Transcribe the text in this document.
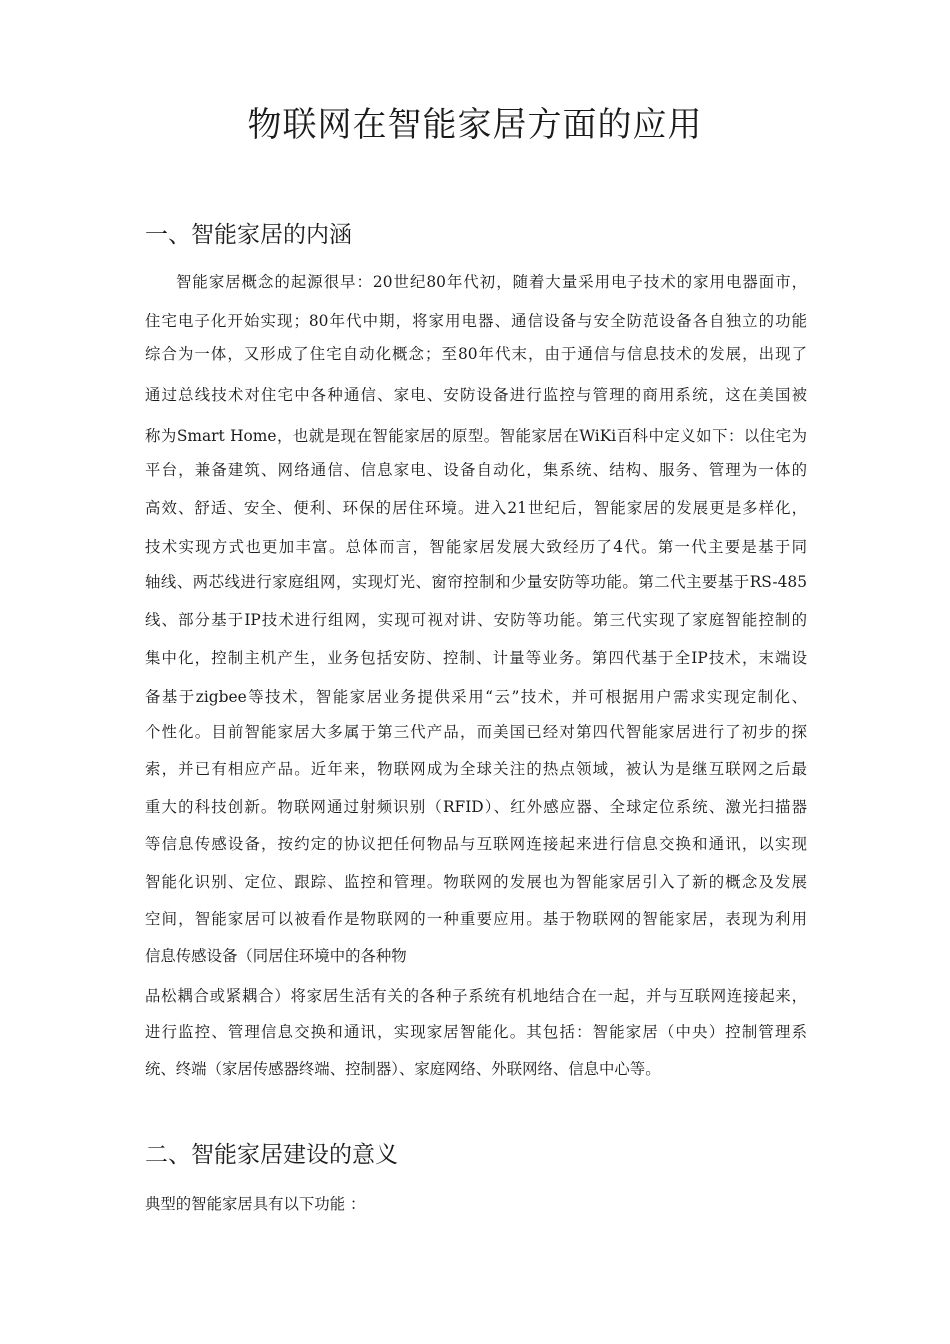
物联网在智能家居方面的应用
一、智能家居的内涵
智能家居概念的起源很早：20世纪80年代初，随着大量采用电子技术的家用电器面市，
住宅电子化开始实现；80年代中期，将家用电器、通信设备与安全防范设备各自独立的功能
综合为一体，又形成了住宅自动化概念；至80年代末，由于通信与信息技术的发展，出现了
通过总线技术对住宅中各种通信、家电、安防设备进行监控与管理的商用系统，这在美国被
称为Smart Home，也就是现在智能家居的原型。智能家居在WiKi百科中定义如下：以住宅为
平台，兼备建筑、网络通信、信息家电、设备自动化，集系统、结构、服务、管理为一体的
高效、舒适、安全、便利、环保的居住环境。进入21世纪后，智能家居的发展更是多样化，
技术实现方式也更加丰富。总体而言，智能家居发展大致经历了4代。第一代主要是基于同
轴线、两芯线进行家庭组网，实现灯光、窗帘控制和少量安防等功能。第二代主要基于RS-485
线、部分基于IP技术进行组网，实现可视对讲、安防等功能。第三代实现了家庭智能控制的
集中化，控制主机产生，业务包括安防、控制、计量等业务。第四代基于全IP技术，末端设
备基于zigbee等技术，智能家居业务提供采用“云”技术，并可根据用户需求实现定制化、
个性化。目前智能家居大多属于第三代产品，而美国已经对第四代智能家居进行了初步的探
索，并已有相应产品。近年来，物联网成为全球关注的热点领域，被认为是继互联网之后最
重大的科技创新。物联网通过射频识别（RFID）、红外感应器、全球定位系统、激光扫描器
等信息传感设备，按约定的协议把任何物品与互联网连接起来进行信息交换和通讯，以实现
智能化识别、定位、跟踪、监控和管理。物联网的发展也为智能家居引入了新的概念及发展
空间，智能家居可以被看作是物联网的一种重要应用。基于物联网的智能家居，表现为利用
信息传感设备（同居住环境中的各种物
品松耦合或紧耦合）将家居生活有关的各种子系统有机地结合在一起，并与互联网连接起来，
进行监控、管理信息交换和通讯，实现家居智能化。其包括：智能家居（中央）控制管理系
统、终端（家居传感器终端、控制器）、家庭网络、外联网络、信息中心等。
二、智能家居建设的意义
典型的智能家居具有以下功能 ：
